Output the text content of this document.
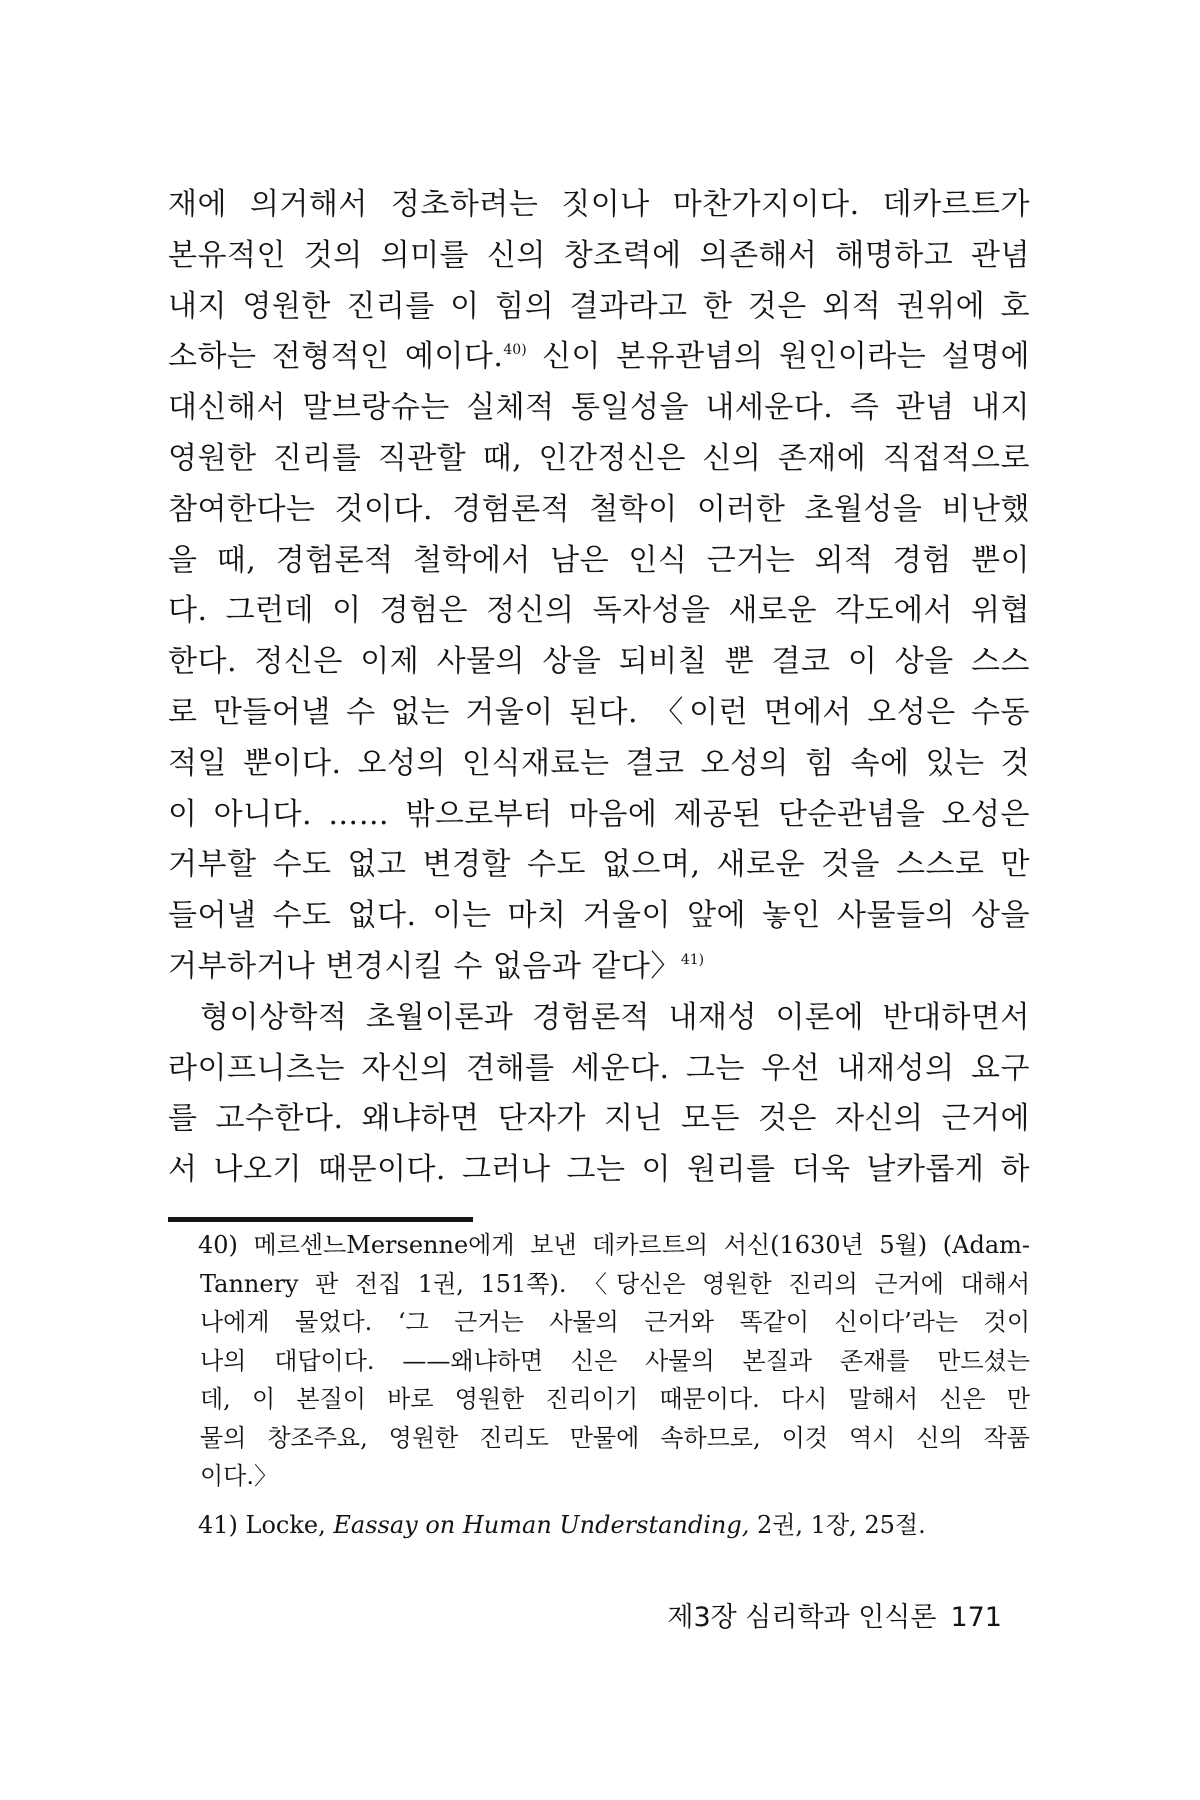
재에 의거해서 정초하려는 짓이나 마찬가지이다. 데카르트가
본유적인 것의 의미를 신의 창조력에 의존해서 해명하고 관념
내지 영원한 진리를 이 힘의 결과라고 한 것은 외적 권위에 호
소하는 전형적인 예이다.$^{40)}$ 신이 본유관념의 원인이라는 설명에
대신해서 말브랑슈는 실체적 통일성을 내세운다. 즉 관념 내지
영원한 진리를 직관할 때, 인간정신은 신의 존재에 직접적으로
참여한다는 것이다. 경험론적 철학이 이러한 초월성을 비난했
을 때, 경험론적 철학에서 남은 인식 근거는 외적 경험 뿐이
다. 그런데 이 경험은 정신의 독자성을 새로운 각도에서 위협
한다. 정신은 이제 사물의 상을 되비칠 뿐 결코 이 상을 스스
로 만들어낼 수 없는 거울이 된다. 〈이런 면에서 오성은 수동
적일 뿐이다. 오성의 인식재료는 결코 오성의 힘 속에 있는 것
이 아니다. …… 밖으로부터 마음에 제공된 단순관념을 오성은
거부할 수도 없고 변경할 수도 없으며, 새로운 것을 스스로 만
들어낼 수도 없다. 이는 마치 거울이 앞에 놓인 사물들의 상을
거부하거나 변경시킬 수 없음과 같다〉$^{41)}$
형이상학적 초월이론과 경험론적 내재성 이론에 반대하면서
라이프니츠는 자신의 견해를 세운다. 그는 우선 내재성의 요구
를 고수한다. 왜냐하면 단자가 지닌 모든 것은 자신의 근거에
서 나오기 때문이다. 그러나 그는 이 원리를 더욱 날카롭게 하
40) 메르센느Mersenne에게 보낸 데카르트의 서신(1630년 5월) (Adam-
Tannery 판 전집 1권, 151쪽). 〈당신은 영원한 진리의 근거에 대해서
나에게 물었다. ‘그 근거는 사물의 근거와 똑같이 신이다’라는 것이
나의 대답이다. ——왜냐하면 신은 사물의 본질과 존재를 만드셨는
데, 이 본질이 바로 영원한 진리이기 때문이다. 다시 말해서 신은 만
물의 창조주요, 영원한 진리도 만물에 속하므로, 이것 역시 신의 작품
이다.〉
41) Locke, Eassay on Human Understanding, 2권, 1장, 25절.
제3장 심리학과 인식론 171
